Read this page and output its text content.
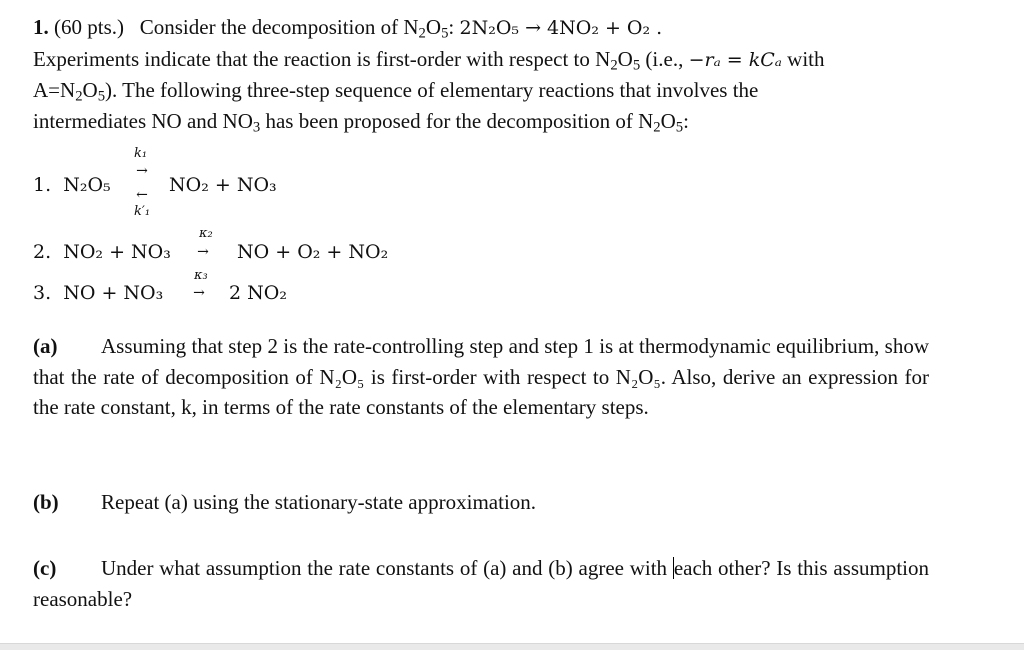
1. (60 pts.) Consider the decomposition of $N_2O_5$: 2N₂O₅ → 4NO₂ + O₂ .
Experiments indicate that the reaction is first-order with respect to $N_2O_5$ (i.e., −rₐ = kCₐ with
$A=N_2O_5$). The following three-step sequence of elementary reactions that involves the
intermediates NO and $NO_3$ has been proposed for the decomposition of $N_2O_5$:
1. N₂O₅
k₁
→
←
k′₁
NO₂ + NO₃
2. NO₂ + NO₃
κ₂
→ NO + O₂ + NO₂
3. NO + NO₃
κ₃
→ 2 NO₂
(a) Assuming that step 2 is the rate-controlling step and step 1 is at thermodynamic equilibrium, show that the rate of decomposition of N₂O₅ is first-order with respect to N₂O₅. Also, derive an expression for the rate constant, k, in terms of the rate constants of the elementary steps.
(b) Repeat (a) using the stationary-state approximation.
(c) Under what assumption the rate constants of (a) and (b) agree with each other? Is this assumption reasonable?
